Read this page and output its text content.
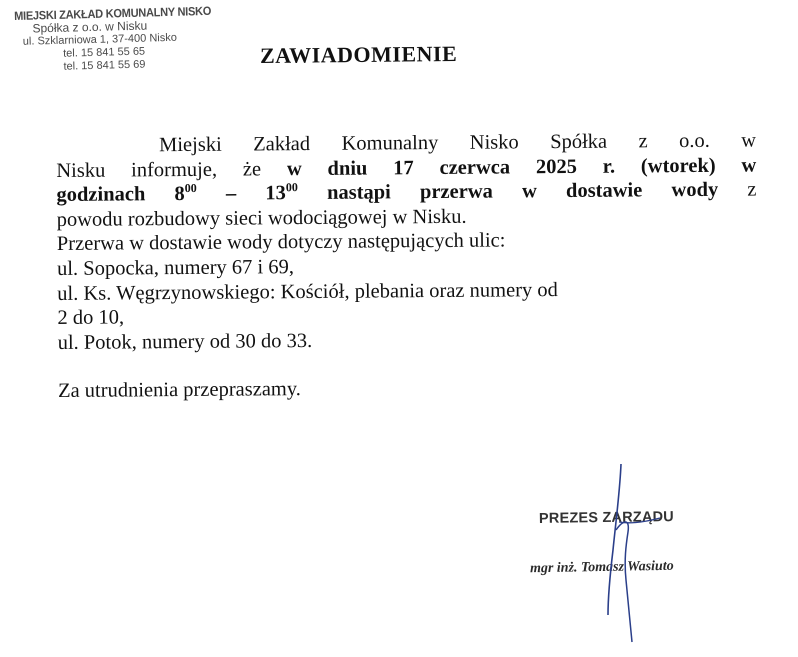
MIEJSKI ZAKŁAD KOMUNALNY NISKO
Spółka z o.o. w Nisku
ul. Szklarniowa 1, 37-400 Nisko
tel. 15 841 55 65
tel. 15 841 55 69	ZAWIADOMIENIE
Miejski Zakład Komunalny Nisko Spółka z o.o. w
Nisku informuje, że w dniu 17 czerwca 2025 r. (wtorek) w
godzinach $8^{00} - 13^{00}$ nastąpi przerwa w dostawie wody z
powodu rozbudowy sieci wodociągowej w Nisku.
Przerwa w dostawie wody dotyczy następujących ulic:
ul. Sopocka, numery 67 i 69,
ul. Ks. Węgrzynowskiego: Kościół, plebania oraz numery od
2 do 10,
ul. Potok, numery od 30 do 33.
Za utrudnienia przepraszamy.
PREZES ZARZĄDU
mgr inż. Tomasz Wasiuto
